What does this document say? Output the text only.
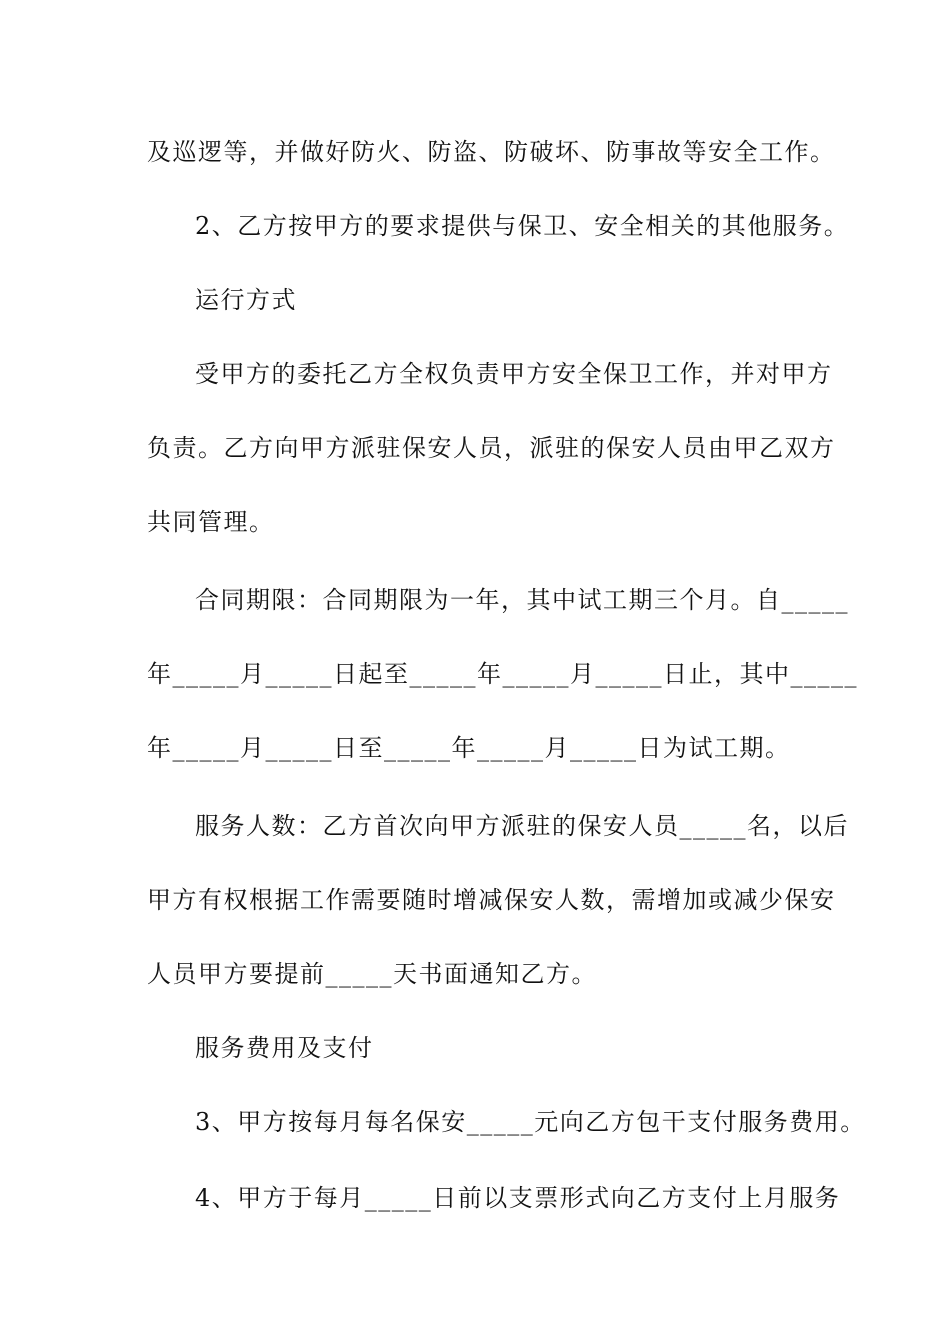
及巡逻等，并做好防火、防盗、防破坏、防事故等安全工作。
2、乙方按甲方的要求提供与保卫、安全相关的其他服务。
运行方式
受甲方的委托乙方全权负责甲方安全保卫工作，并对甲方
负责。乙方向甲方派驻保安人员，派驻的保安人员由甲乙双方
共同管理。
合同期限：合同期限为一年，其中试工期三个月。自_____
年_____月_____日起至_____年_____月_____日止，其中_____
年_____月_____日至_____年_____月_____日为试工期。
服务人数：乙方首次向甲方派驻的保安人员_____名，以后
甲方有权根据工作需要随时增减保安人数，需增加或减少保安
人员甲方要提前_____天书面通知乙方。
服务费用及支付
3、甲方按每月每名保安_____元向乙方包干支付服务费用。
4、甲方于每月_____日前以支票形式向乙方支付上月服务
